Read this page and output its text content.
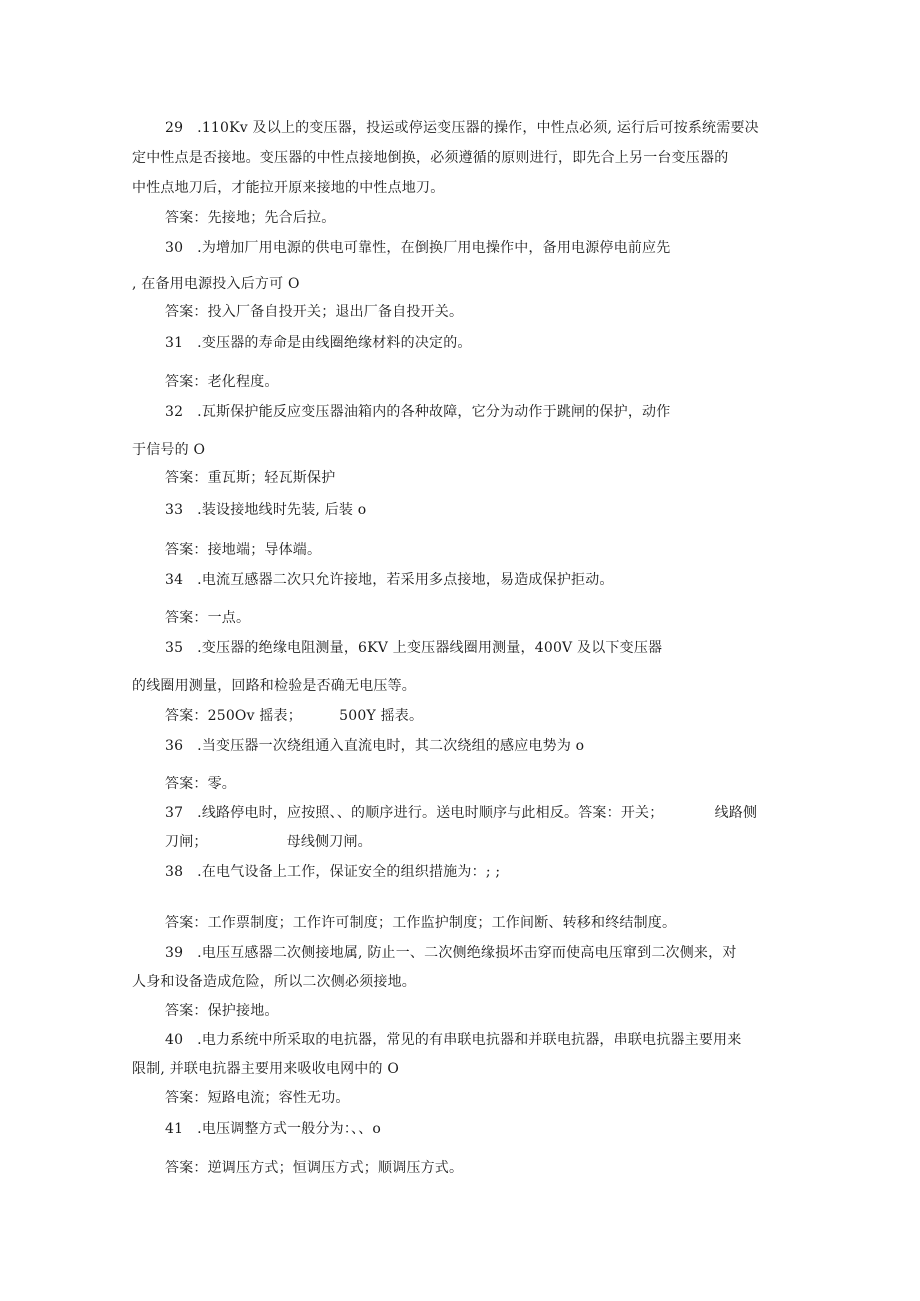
29   .110Kv 及以上的变压器，投运或停运变压器的操作，中性点必须, 运行后可按系统需要决
定中性点是否接地。变压器的中性点接地倒换，必须遵循的原则进行，即先合上另一台变压器的
中性点地刀后，才能拉开原来接地的中性点地刀。
答案：先接地；先合后拉。
30   .为增加厂用电源的供电可靠性，在倒换厂用电操作中，备用电源停电前应先
, 在备用电源投入后方可 O
答案：投入厂备自投开关；退出厂备自投开关。
31   .变压器的寿命是由线圈绝缘材料的决定的。
答案：老化程度。
32   .瓦斯保护能反应变压器油箱内的各种故障，它分为动作于跳闸的保护，动作
于信号的 O
答案：重瓦斯；轻瓦斯保护
33   .装设接地线时先装, 后装 o
答案：接地端；导体端。
34   .电流互感器二次只允许接地，若采用多点接地，易造成保护拒动。
答案：一点。
35   .变压器的绝缘电阻测量，6KV 上变压器线圈用测量，400V 及以下变压器
的线圈用测量，回路和检验是否确无电压等。
答案：250Ov 摇表；        500Y 摇表。
36   .当变压器一次绕组通入直流电时，其二次绕组的感应电势为 o
答案：零。
37   .线路停电时，应按照、、的顺序进行。送电时顺序与此相反。答案：开关；           线路侧
刀闸；                 母线侧刀闸。
38   .在电气设备上工作，保证安全的组织措施为：; ;
答案：工作票制度；工作许可制度；工作监护制度；工作间断、转移和终结制度。
39   .电压互感器二次侧接地属, 防止一、二次侧绝缘损坏击穿而使高电压窜到二次侧来，对
人身和设备造成危险，所以二次侧必须接地。
答案：保护接地。
40   .电力系统中所采取的电抗器，常见的有串联电抗器和并联电抗器，串联电抗器主要用来
限制, 并联电抗器主要用来吸收电网中的 O
答案：短路电流；容性无功。
41   .电压调整方式一般分为：、、o
答案：逆调压方式；恒调压方式；顺调压方式。
